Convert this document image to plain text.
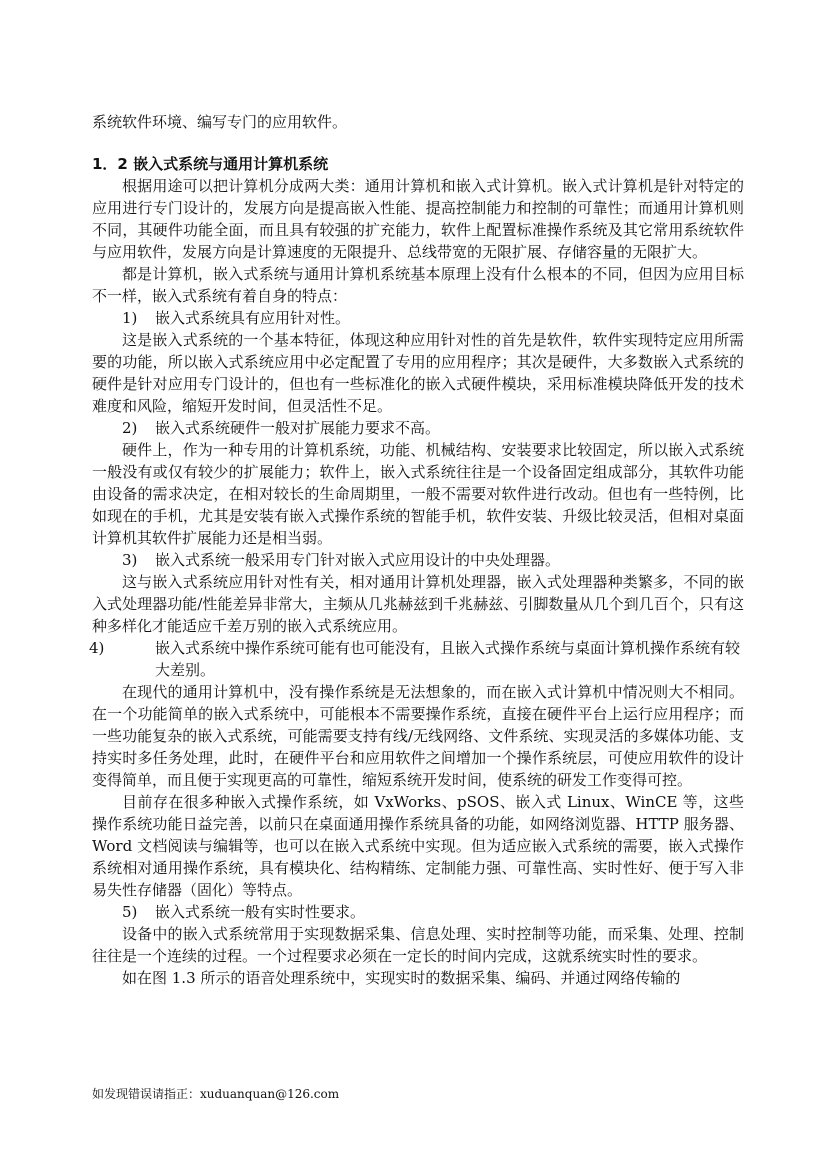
系统软件环境、编写专门的应用软件。

1．2 嵌入式系统与通用计算机系统

根据用途可以把计算机分成两大类：通用计算机和嵌入式计算机。嵌入式计算机是针对特定的应用进行专门设计的，发展方向是提高嵌入性能、提高控制能力和控制的可靠性；而通用计算机则不同，其硬件功能全面，而且具有较强的扩充能力，软件上配置标准操作系统及其它常用系统软件与应用软件，发展方向是计算速度的无限提升、总线带宽的无限扩展、存储容量的无限扩大。

都是计算机，嵌入式系统与通用计算机系统基本原理上没有什么根本的不同，但因为应用目标不一样，嵌入式系统有着自身的特点：

1) 嵌入式系统具有应用针对性。

这是嵌入式系统的一个基本特征，体现这种应用针对性的首先是软件，软件实现特定应用所需要的功能，所以嵌入式系统应用中必定配置了专用的应用程序；其次是硬件，大多数嵌入式系统的硬件是针对应用专门设计的，但也有一些标准化的嵌入式硬件模块，采用标准模块降低开发的技术难度和风险，缩短开发时间，但灵活性不足。

2) 嵌入式系统硬件一般对扩展能力要求不高。

硬件上，作为一种专用的计算机系统，功能、机械结构、安装要求比较固定，所以嵌入式系统一般没有或仅有较少的扩展能力；软件上，嵌入式系统往往是一个设备固定组成部分，其软件功能由设备的需求决定，在相对较长的生命周期里，一般不需要对软件进行改动。但也有一些特例，比如现在的手机，尤其是安装有嵌入式操作系统的智能手机，软件安装、升级比较灵活，但相对桌面计算机其软件扩展能力还是相当弱。

3) 嵌入式系统一般采用专门针对嵌入式应用设计的中央处理器。

这与嵌入式系统应用针对性有关，相对通用计算机处理器，嵌入式处理器种类繁多，不同的嵌入式处理器功能/性能差异非常大，主频从几兆赫兹到千兆赫兹、引脚数量从几个到几百个，只有这种多样化才能适应千差万别的嵌入式系统应用。

4)	嵌入式系统中操作系统可能有也可能没有，且嵌入式操作系统与桌面计算机操作系统有较大差别。

在现代的通用计算机中，没有操作系统是无法想象的，而在嵌入式计算机中情况则大不相同。在一个功能简单的嵌入式系统中，可能根本不需要操作系统，直接在硬件平台上运行应用程序；而一些功能复杂的嵌入式系统，可能需要支持有线/无线网络、文件系统、实现灵活的多媒体功能、支持实时多任务处理，此时，在硬件平台和应用软件之间增加一个操作系统层，可使应用软件的设计变得简单，而且便于实现更高的可靠性，缩短系统开发时间，使系统的研发工作变得可控。

目前存在很多种嵌入式操作系统，如 VxWorks、pSOS、嵌入式 Linux、WinCE 等，这些操作系统功能日益完善，以前只在桌面通用操作系统具备的功能，如网络浏览器、HTTP 服务器、Word 文档阅读与编辑等，也可以在嵌入式系统中实现。但为适应嵌入式系统的需要，嵌入式操作系统相对通用操作系统，具有模块化、结构精练、定制能力强、可靠性高、实时性好、便于写入非易失性存储器（固化）等特点。

5) 嵌入式系统一般有实时性要求。

设备中的嵌入式系统常用于实现数据采集、信息处理、实时控制等功能，而采集、处理、控制往往是一个连续的过程。一个过程要求必须在一定长的时间内完成，这就系统实时性的要求。

如在图 1.3 所示的语音处理系统中，实现实时的数据采集、编码、并通过网络传输的

如发现错误请指正：xuduanquan@126.com
